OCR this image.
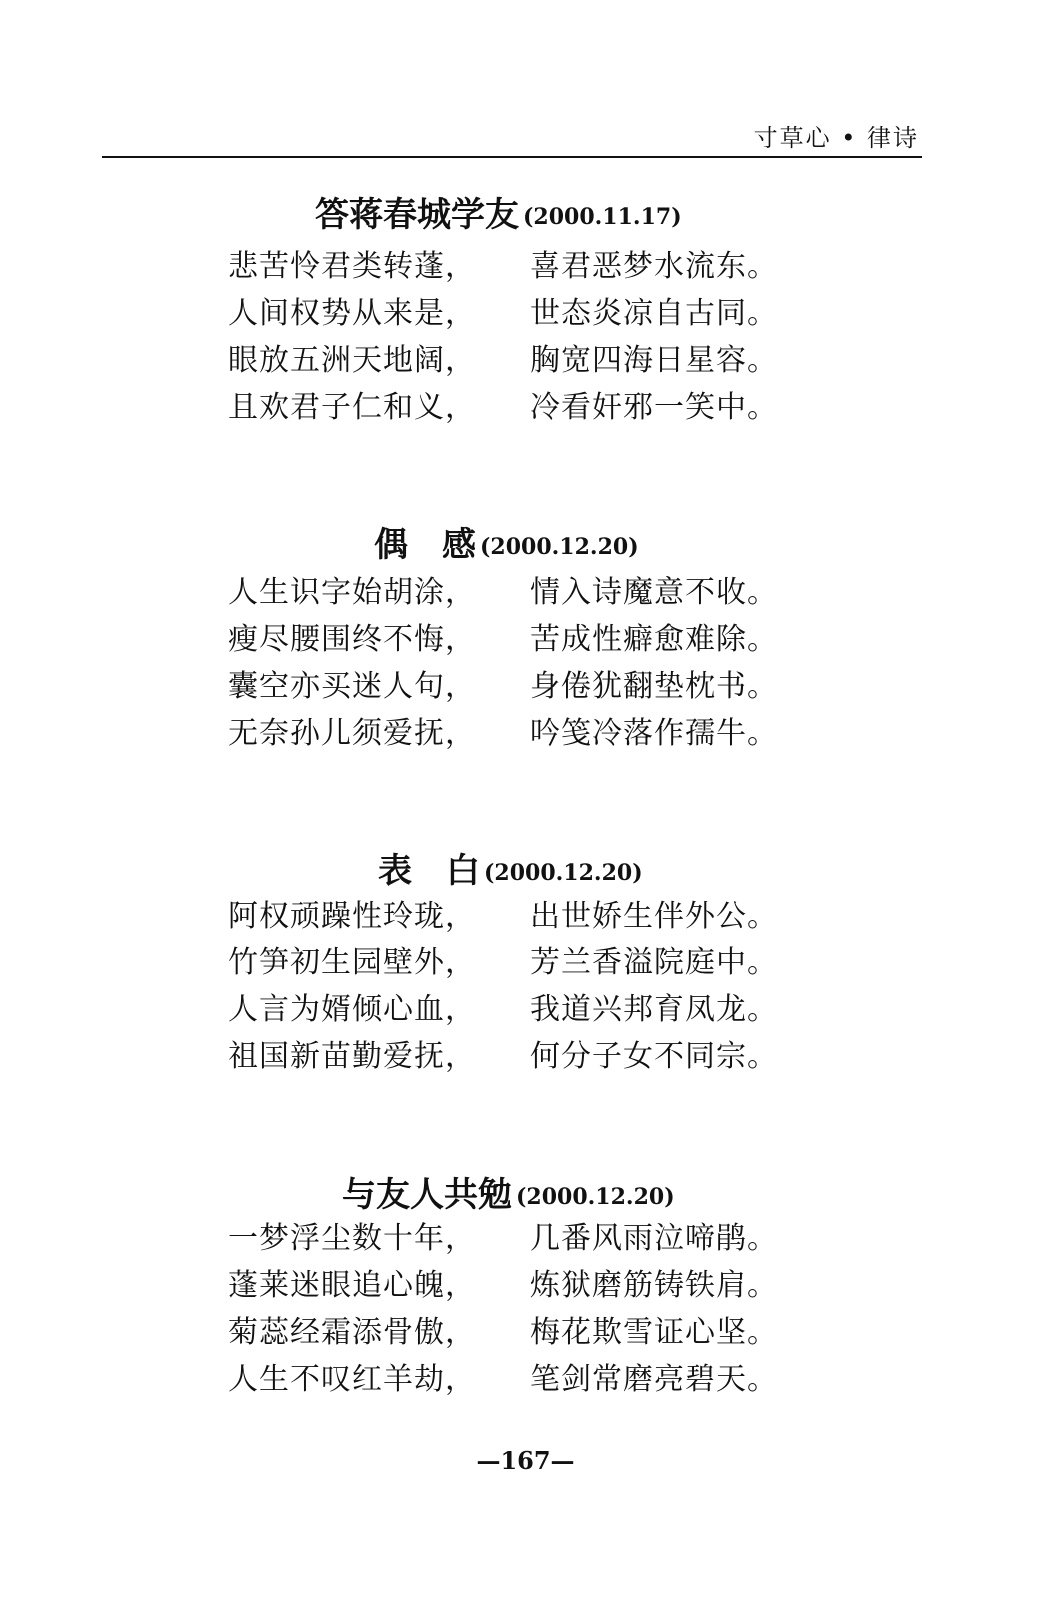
寸草心 • 律诗
答蒋春城学友 (2000.11.17)
悲苦怜君类转蓬， 喜君恶梦水流东。
人间权势从来是， 世态炎凉自古同。
眼放五洲天地阔， 胸宽四海日星容。
且欢君子仁和义， 冷看奸邪一笑中。
偶　感 (2000.12.20)
人生识字始胡涂， 情入诗魔意不收。
瘦尽腰围终不悔， 苦成性癖愈难除。
囊空亦买迷人句， 身倦犹翻垫枕书。
无奈孙儿须爱抚， 吟笺冷落作孺牛。
表　白 (2000.12.20)
阿权顽躁性玲珑， 出世娇生伴外公。
竹笋初生园壁外， 芳兰香溢院庭中。
人言为婿倾心血， 我道兴邦育凤龙。
祖国新苗勤爱抚， 何分子女不同宗。
与友人共勉 (2000.12.20)
一梦浮尘数十年， 几番风雨泣啼鹃。
蓬莱迷眼追心魄， 炼狱磨筋铸铁肩。
菊蕊经霜添骨傲， 梅花欺雪证心坚。
人生不叹红羊劫， 笔剑常磨亮碧天。
—167—
